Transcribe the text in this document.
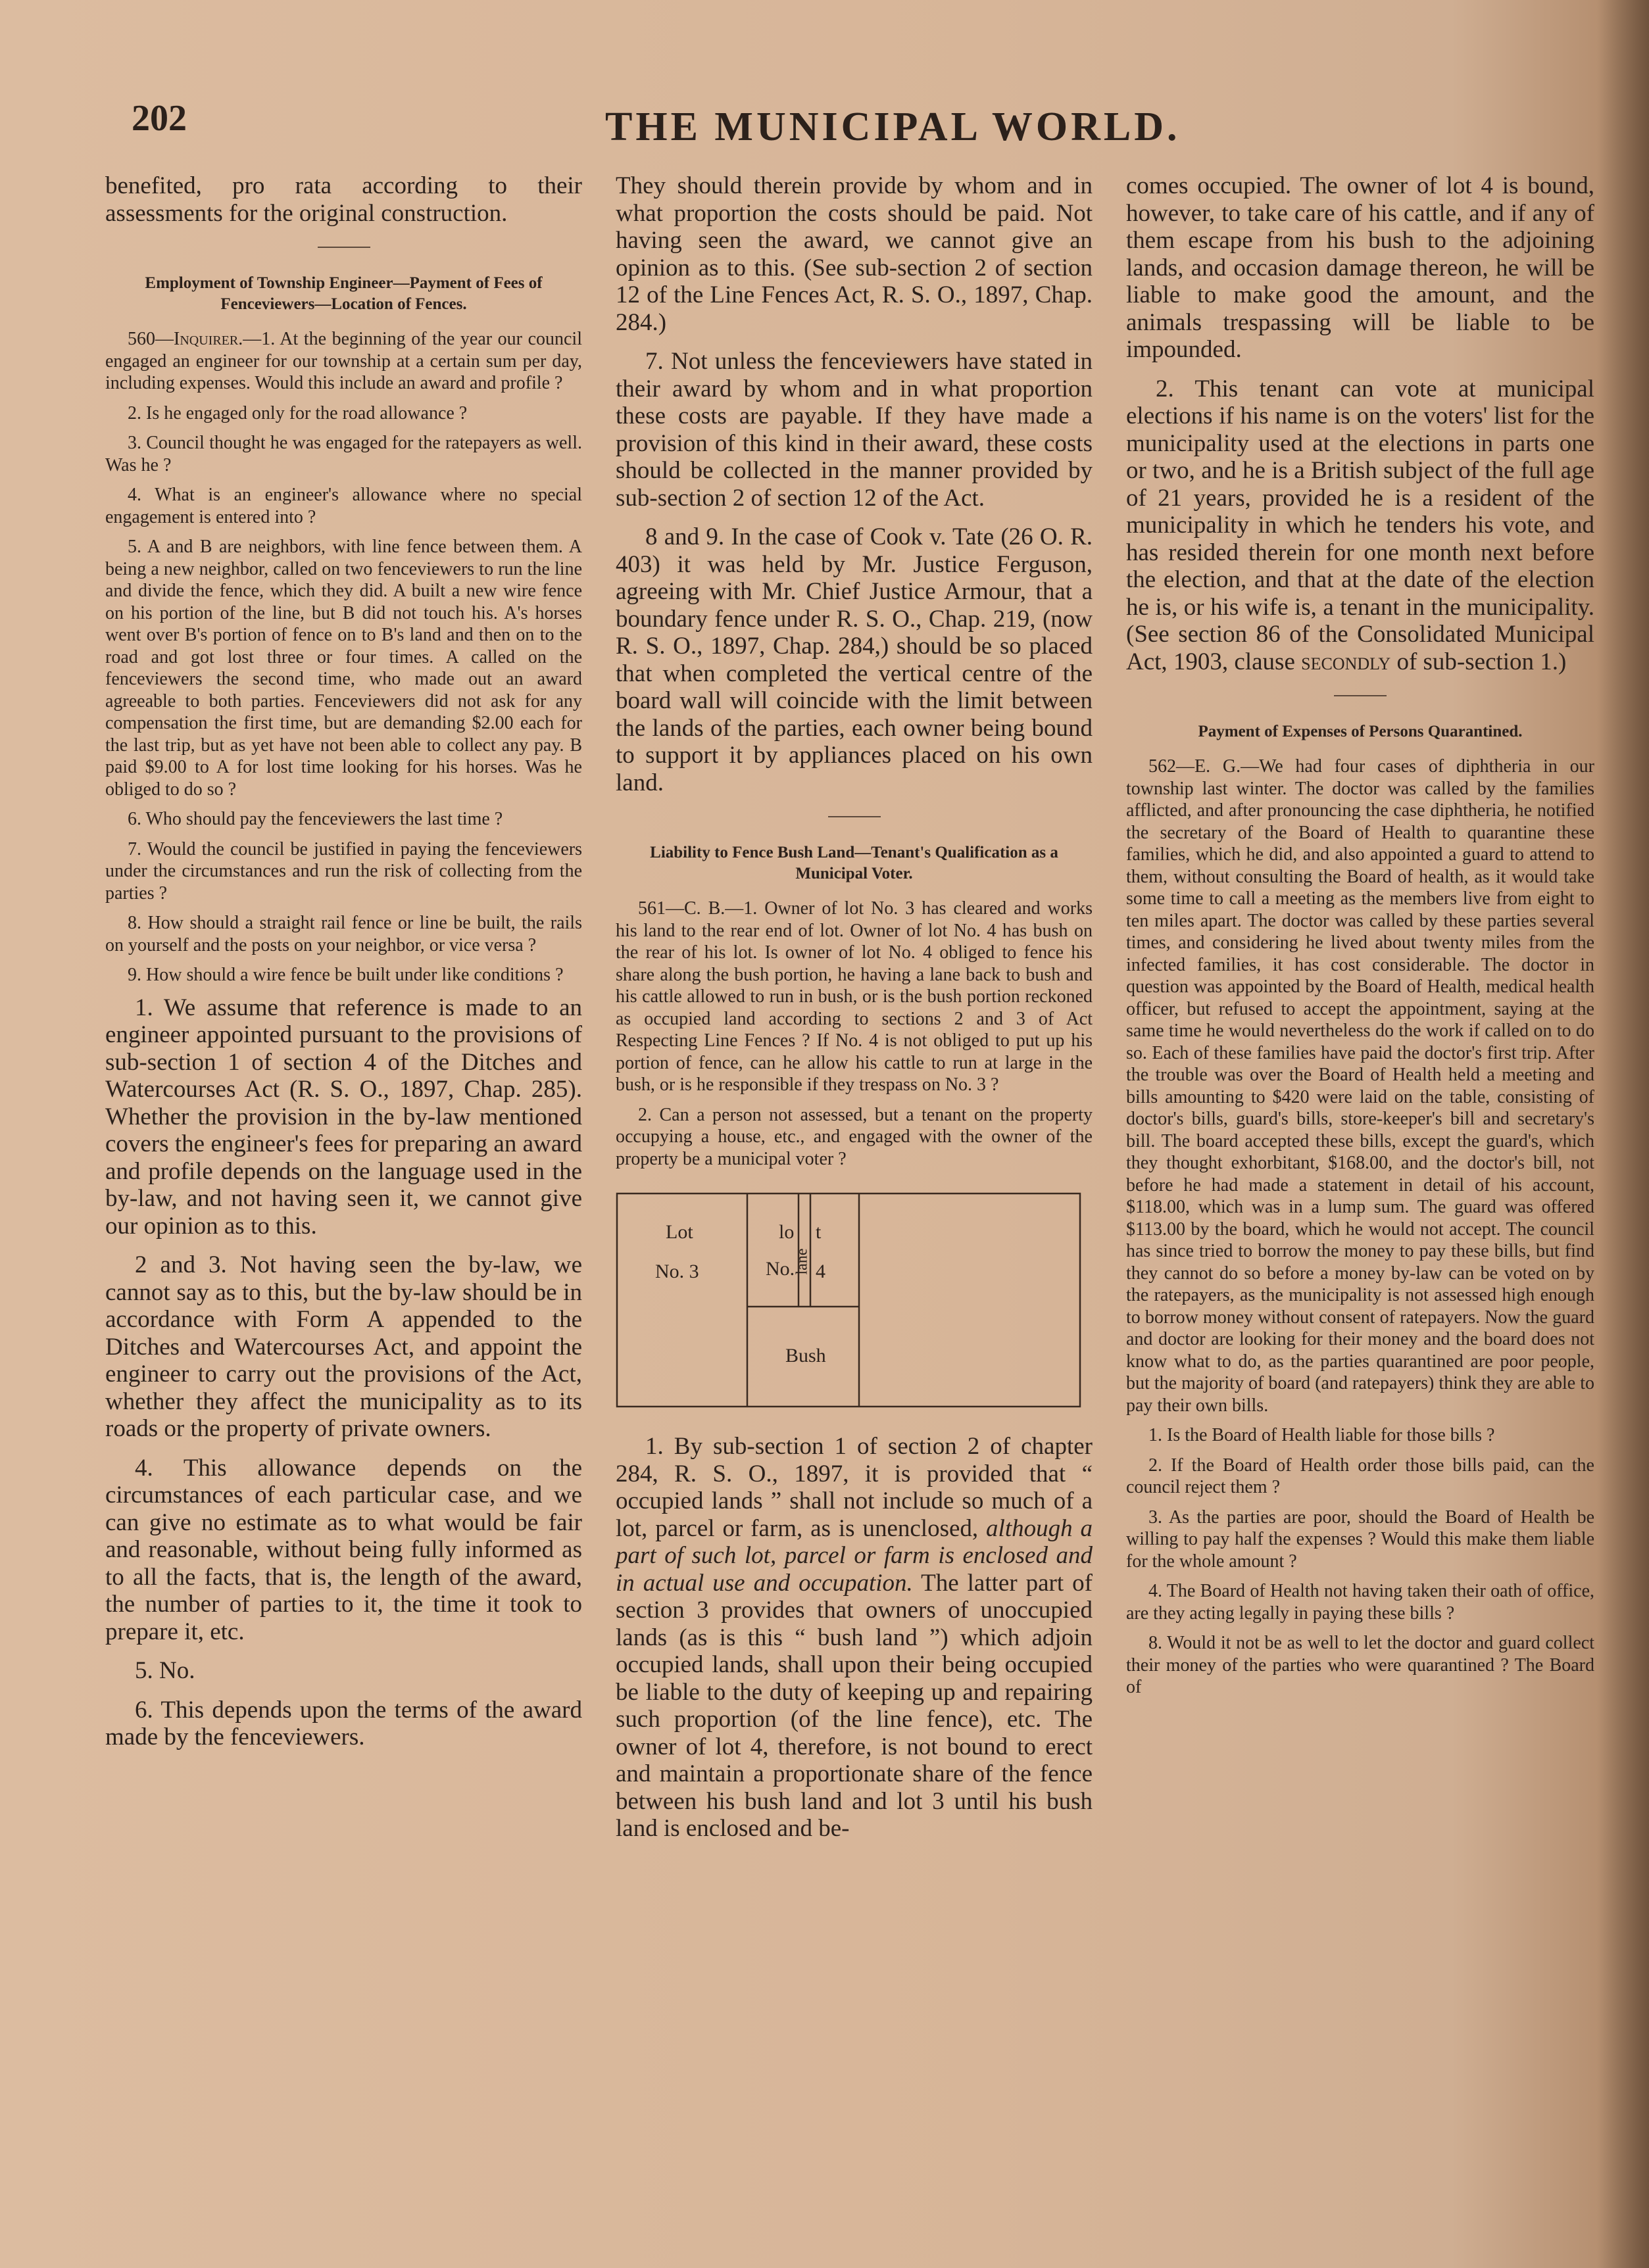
202	THE MUNICIPAL WORLD.

benefited, pro rata according to their assessments for the original construction.

Employment of Township Engineer—Payment of Fees of Fenceviewers—Location of Fences.

560—Inquirer.—1. At the beginning of the year our council engaged an engineer for our township at a certain sum per day, including expenses. Would this include an award and profile ?

2. Is he engaged only for the road allowance ?

3. Council thought he was engaged for the ratepayers as well. Was he ?

4. What is an engineer's allowance where no special engagement is entered into ?

5. A and B are neighbors, with line fence between them. A being a new neighbor, called on two fenceviewers to run the line and divide the fence, which they did. A built a new wire fence on his portion of the line, but B did not touch his. A's horses went over B's portion of fence on to B's land and then on to the road and got lost three or four times. A called on the fenceviewers the second time, who made out an award agreeable to both parties. Fenceviewers did not ask for any compensation the first time, but are demanding $2.00 each for the last trip, but as yet have not been able to collect any pay. B paid $9.00 to A for lost time looking for his horses. Was he obliged to do so ?

6. Who should pay the fenceviewers the last time ?

7. Would the council be justified in paying the fenceviewers under the circumstances and run the risk of collecting from the parties ?

8. How should a straight rail fence or line be built, the rails on yourself and the posts on your neighbor, or vice versa ?

9. How should a wire fence be built under like conditions ?

1. We assume that reference is made to an engineer appointed pursuant to the provisions of sub-section 1 of section 4 of the Ditches and Watercourses Act (R. S. O., 1897, Chap. 285). Whether the provision in the by-law mentioned covers the engineer's fees for preparing an award and profile depends on the language used in the by-law, and not having seen it, we cannot give our opinion as to this.

2 and 3. Not having seen the by-law, we cannot say as to this, but the by-law should be in accordance with Form A appended to the Ditches and Watercourses Act, and appoint the engineer to carry out the provisions of the Act, whether they affect the municipality as to its roads or the property of private owners.

4. This allowance depends on the circumstances of each particular case, and we can give no estimate as to what would be fair and reasonable, without being fully informed as to all the facts, that is, the length of the award, the number of parties to it, the time it took to prepare it, etc.

5. No.

6. This depends upon the terms of the award made by the fenceviewers.

They should therein provide by whom and in what proportion the costs should be paid. Not having seen the award, we cannot give an opinion as to this. (See sub-section 2 of section 12 of the Line Fences Act, R. S. O., 1897, Chap. 284.)

7. Not unless the fenceviewers have stated in their award by whom and in what proportion these costs are payable. If they have made a provision of this kind in their award, these costs should be collected in the manner provided by sub-section 2 of section 12 of the Act.

8 and 9. In the case of Cook v. Tate (26 O. R. 403) it was held by Mr. Justice Ferguson, agreeing with Mr. Chief Justice Armour, that a boundary fence under R. S. O., Chap. 219, (now R. S. O., 1897, Chap. 284,) should be so placed that when completed the vertical centre of the board wall will coincide with the limit between the lands of the parties, each owner being bound to support it by appliances placed on his own land.

Liability to Fence Bush Land—Tenant's Qualification as a Municipal Voter.

561—C. B.—1. Owner of lot No. 3 has cleared and works his land to the rear end of lot. Owner of lot No. 4 has bush on the rear of his lot. Is owner of lot No. 4 obliged to fence his share along the bush portion, he having a lane back to bush and his cattle allowed to run in bush, or is the bush portion reckoned as occupied land according to sections 2 and 3 of Act Respecting Line Fences ? If No. 4 is not obliged to put up his portion of fence, can he allow his cattle to run at large in the bush, or is he responsible if they trespass on No. 3 ?

2. Can a person not assessed, but a tenant on the property occupying a house, etc., and engaged with the owner of the property be a municipal voter ?

Lot
No. 3
lo t
No. 4
lane
Bush

1. By sub-section 1 of section 2 of chapter 284, R. S. O., 1897, it is provided that “ occupied lands ” shall not include so much of a lot, parcel or farm, as is unenclosed, although a part of such lot, parcel or farm is enclosed and in actual use and occupation. The latter part of section 3 provides that owners of unoccupied lands (as is this “ bush land ”) which adjoin occupied lands, shall upon their being occupied be liable to the duty of keeping up and repairing such proportion (of the line fence), etc. The owner of lot 4, therefore, is not bound to erect and maintain a proportionate share of the fence between his bush land and lot 3 until his bush land is enclosed and be-

comes occupied. The owner of lot 4 is bound, however, to take care of his cattle, and if any of them escape from his bush to the adjoining lands, and occasion damage thereon, he will be liable to make good the amount, and the animals trespassing will be liable to be impounded.

2. This tenant can vote at municipal elections if his name is on the voters' list for the municipality used at the elections in parts one or two, and he is a British subject of the full age of 21 years, provided he is a resident of the municipality in which he tenders his vote, and has resided therein for one month next before the election, and that at the date of the election he is, or his wife is, a tenant in the municipality. (See section 86 of the Consolidated Municipal Act, 1903, clause secondly of sub-section 1.)

Payment of Expenses of Persons Quarantined.

562—E. G.—We had four cases of diphtheria in our township last winter. The doctor was called by the families afflicted, and after pronouncing the case diphtheria, he notified the secretary of the Board of Health to quarantine these families, which he did, and also appointed a guard to attend to them, without consulting the Board of health, as it would take some time to call a meeting as the members live from eight to ten miles apart. The doctor was called by these parties several times, and considering he lived about twenty miles from the infected families, it has cost considerable. The doctor in question was appointed by the Board of Health, medical health officer, but refused to accept the appointment, saying at the same time he would nevertheless do the work if called on to do so. Each of these families have paid the doctor's first trip. After the trouble was over the Board of Health held a meeting and bills amounting to $420 were laid on the table, consisting of doctor's bills, guard's bills, store-keeper's bill and secretary's bill. The board accepted these bills, except the guard's, which they thought exhorbitant, $168.00, and the doctor's bill, not before he had made a statement in detail of his account, $118.00, which was in a lump sum. The guard was offered $113.00 by the board, which he would not accept. The council has since tried to borrow the money to pay these bills, but find they cannot do so before a money by-law can be voted on by the ratepayers, as the municipality is not assessed high enough to borrow money without consent of ratepayers. Now the guard and doctor are looking for their money and the board does not know what to do, as the parties quarantined are poor people, but the majority of board (and ratepayers) think they are able to pay their own bills.

1. Is the Board of Health liable for those bills ?

2. If the Board of Health order those bills paid, can the council reject them ?

3. As the parties are poor, should the Board of Health be willing to pay half the expenses ? Would this make them liable for the whole amount ?

4. The Board of Health not having taken their oath of office, are they acting legally in paying these bills ?

8. Would it not be as well to let the doctor and guard collect their money of the parties who were quarantined ? The Board of
